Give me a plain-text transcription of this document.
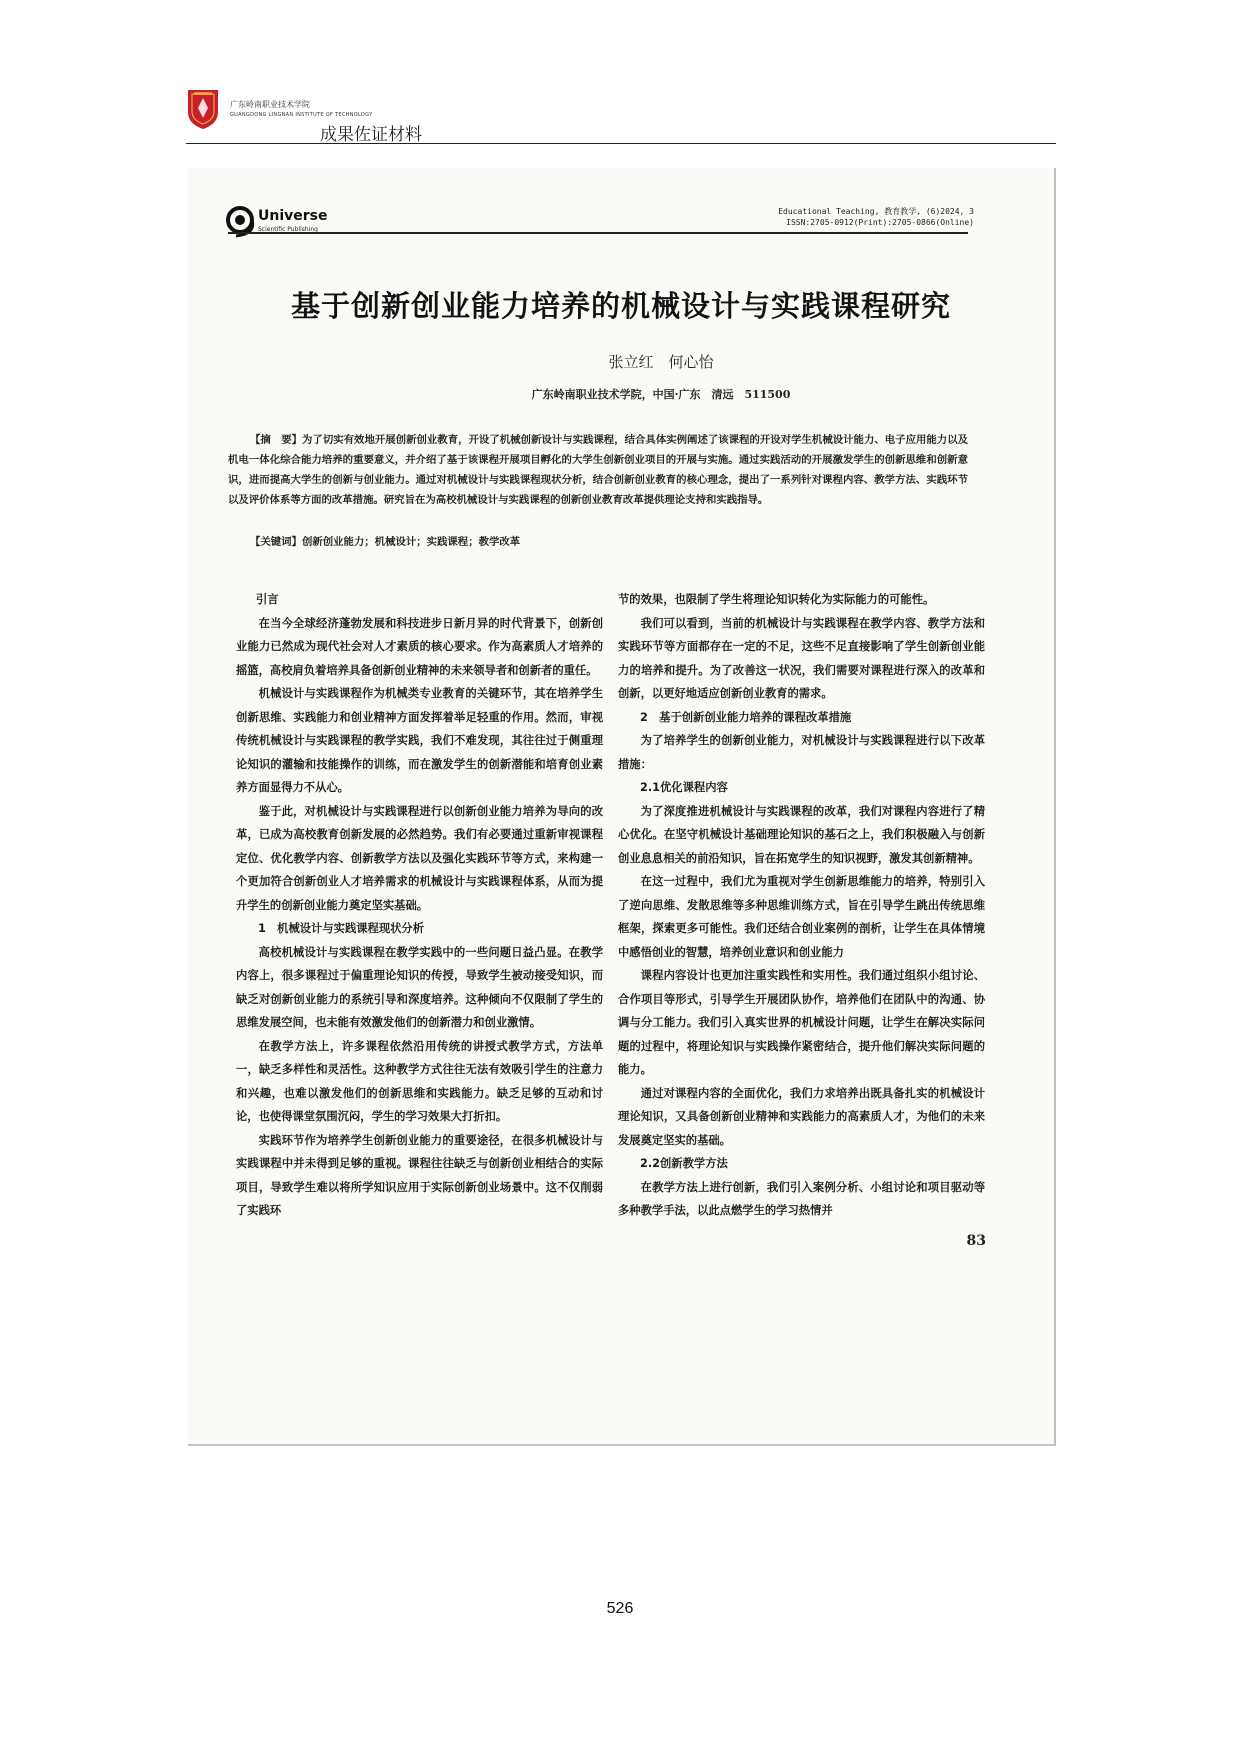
广东岭南职业技术学院
GUANGDONG LINGNAN INSTITUTE OF TECHNOLOGY
成果佐证材料
Universe
Scientific Publishing
Educational Teaching, 教育教学, (6)2024, 3
ISSN:2705-0912(Print):2705-0866(Online)
基于创新创业能力培养的机械设计与实践课程研究
张立红　何心怡
广东岭南职业技术学院，中国·广东　清远　511500
【摘　要】为了切实有效地开展创新创业教育，开设了机械创新设计与实践课程，结合具体实例阐述了该课程的开设对学生机械设计能力、电子应用能力以及机电一体化综合能力培养的重要意义，并介绍了基于该课程开展项目孵化的大学生创新创业项目的开展与实施。通过实践活动的开展激发学生的创新思维和创新意识，进而提高大学生的创新与创业能力。通过对机械设计与实践课程现状分析，结合创新创业教育的核心理念，提出了一系列针对课程内容、教学方法、实践环节以及评价体系等方面的改革措施。研究旨在为高校机械设计与实践课程的创新创业教育改革提供理论支持和实践指导。
【关键词】创新创业能力；机械设计；实践课程；教学改革
引言

在当今全球经济蓬勃发展和科技进步日新月异的时代背景下，创新创业能力已然成为现代社会对人才素质的核心要求。作为高素质人才培养的摇篮，高校肩负着培养具备创新创业精神的未来领导者和创新者的重任。

机械设计与实践课程作为机械类专业教育的关键环节，其在培养学生创新思维、实践能力和创业精神方面发挥着举足轻重的作用。然而，审视传统机械设计与实践课程的教学实践，我们不难发现，其往往过于侧重理论知识的灌输和技能操作的训练，而在激发学生的创新潜能和培育创业素养方面显得力不从心。

鉴于此，对机械设计与实践课程进行以创新创业能力培养为导向的改革，已成为高校教育创新发展的必然趋势。我们有必要通过重新审视课程定位、优化教学内容、创新教学方法以及强化实践环节等方式，来构建一个更加符合创新创业人才培养需求的机械设计与实践课程体系，从而为提升学生的创新创业能力奠定坚实基础。

1　机械设计与实践课程现状分析

高校机械设计与实践课程在教学实践中的一些问题日益凸显。在教学内容上，很多课程过于偏重理论知识的传授，导致学生被动接受知识，而缺乏对创新创业能力的系统引导和深度培养。这种倾向不仅限制了学生的思维发展空间，也未能有效激发他们的创新潜力和创业激情。

在教学方法上，许多课程依然沿用传统的讲授式教学方式，方法单一，缺乏多样性和灵活性。这种教学方式往往无法有效吸引学生的注意力和兴趣，也难以激发他们的创新思维和实践能力。缺乏足够的互动和讨论，也使得课堂氛围沉闷，学生的学习效果大打折扣。

实践环节作为培养学生创新创业能力的重要途径，在很多机械设计与实践课程中并未得到足够的重视。课程往往缺乏与创新创业相结合的实际项目，导致学生难以将所学知识应用于实际创新创业场景中。这不仅削弱了实践环

节的效果，也限制了学生将理论知识转化为实际能力的可能性。

我们可以看到，当前的机械设计与实践课程在教学内容、教学方法和实践环节等方面都存在一定的不足，这些不足直接影响了学生创新创业能力的培养和提升。为了改善这一状况，我们需要对课程进行深入的改革和创新，以更好地适应创新创业教育的需求。

2　基于创新创业能力培养的课程改革措施

为了培养学生的创新创业能力，对机械设计与实践课程进行以下改革措施：

2.1优化课程内容

为了深度推进机械设计与实践课程的改革，我们对课程内容进行了精心优化。在坚守机械设计基础理论知识的基石之上，我们积极融入与创新创业息息相关的前沿知识，旨在拓宽学生的知识视野，激发其创新精神。

在这一过程中，我们尤为重视对学生创新思维能力的培养，特别引入了逆向思维、发散思维等多种思维训练方式，旨在引导学生跳出传统思维框架，探索更多可能性。我们还结合创业案例的剖析，让学生在具体情境中感悟创业的智慧，培养创业意识和创业能力

课程内容设计也更加注重实践性和实用性。我们通过组织小组讨论、合作项目等形式，引导学生开展团队协作，培养他们在团队中的沟通、协调与分工能力。我们引入真实世界的机械设计问题，让学生在解决实际问题的过程中，将理论知识与实践操作紧密结合，提升他们解决实际问题的能力。

通过对课程内容的全面优化，我们力求培养出既具备扎实的机械设计理论知识，又具备创新创业精神和实践能力的高素质人才，为他们的未来发展奠定坚实的基础。

2.2创新教学方法

在教学方法上进行创新，我们引入案例分析、小组讨论和项目驱动等多种教学手法，以此点燃学生的学习热情并

83
526
